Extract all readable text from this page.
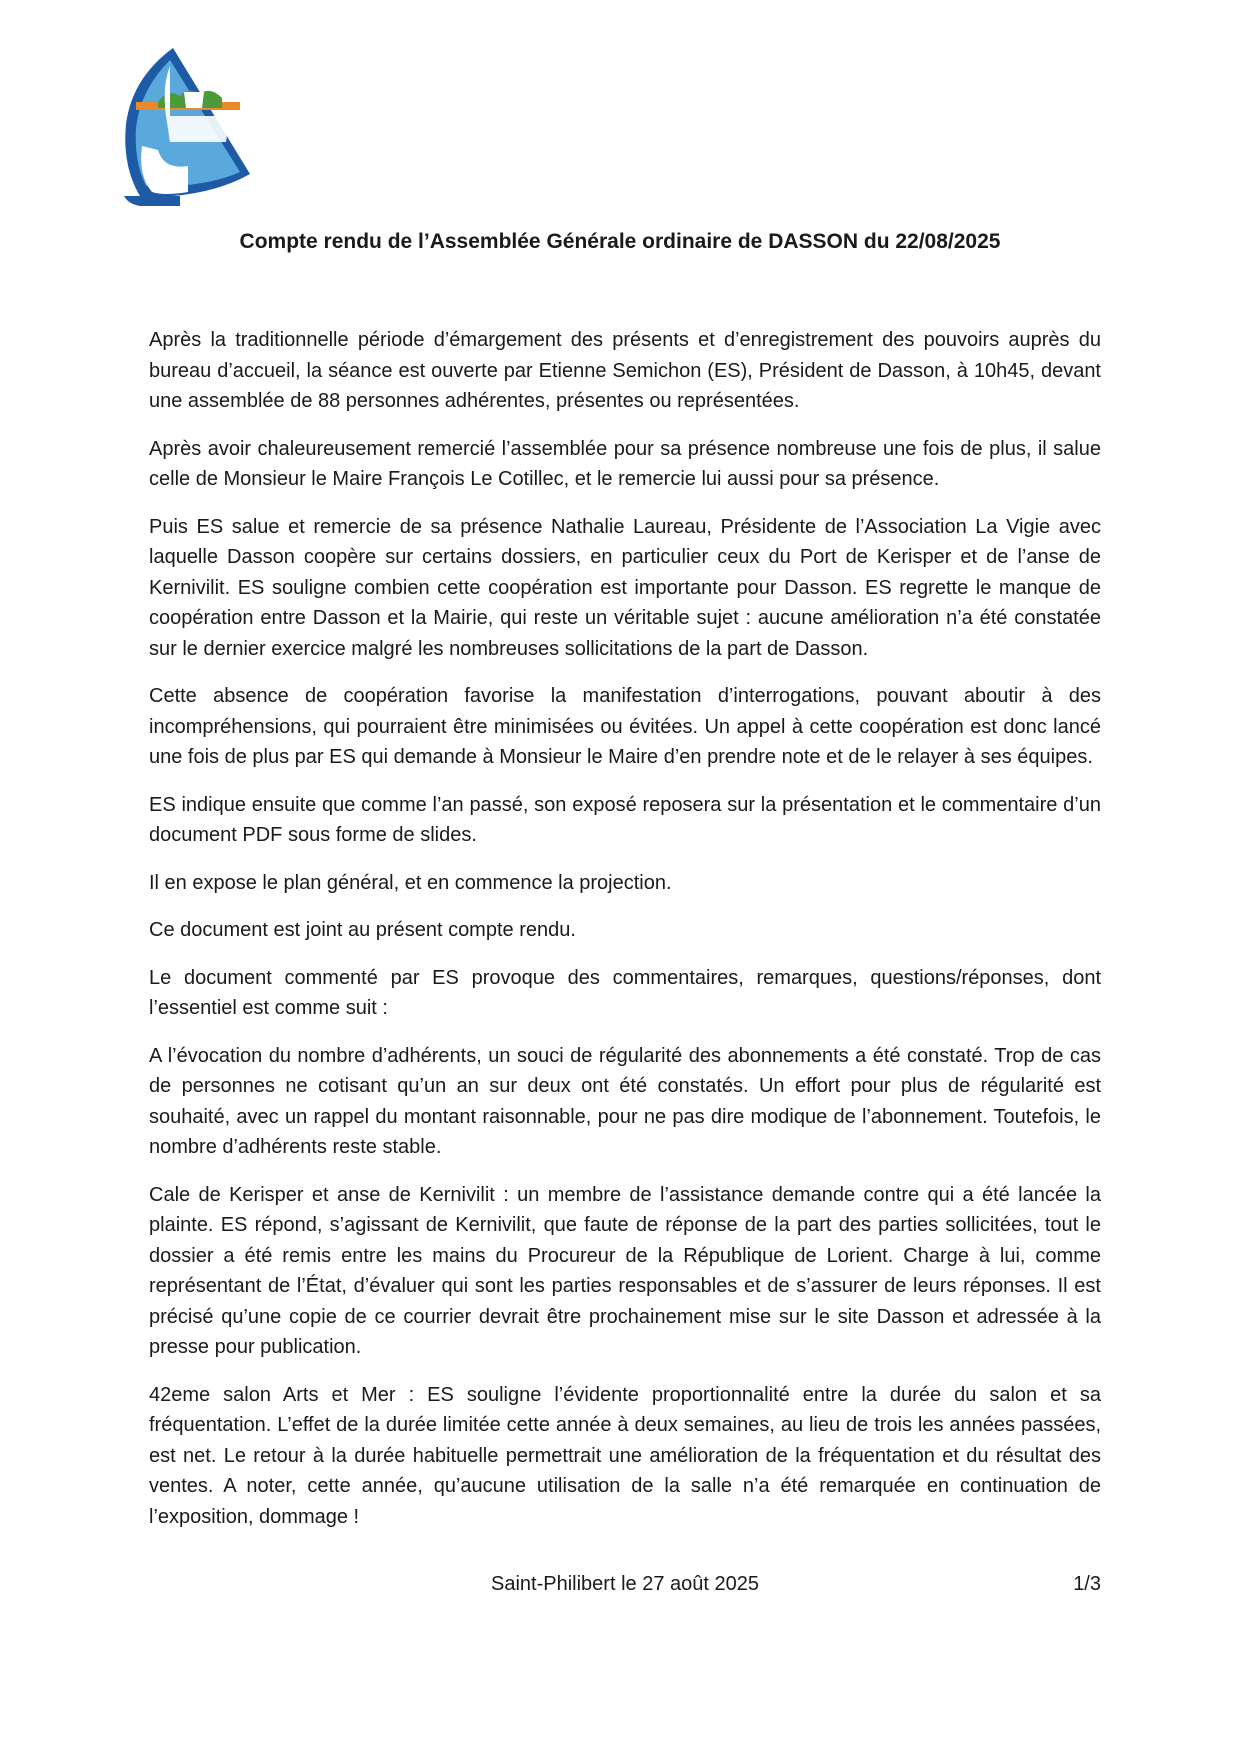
Compte rendu de l’Assemblée Générale ordinaire de DASSON du 22/08/2025

Après la traditionnelle période d’émargement des présents et d’enregistrement des pouvoirs auprès du bureau d’accueil, la séance est ouverte par Etienne Semichon (ES), Président de Dasson, à 10h45, devant une assemblée de 88 personnes adhérentes, présentes ou représentées.

Après avoir chaleureusement remercié l’assemblée pour sa présence nombreuse une fois de plus, il salue celle de Monsieur le Maire François Le Cotillec, et le remercie lui aussi pour sa présence.

Puis ES salue et remercie de sa présence Nathalie Laureau, Présidente de l’Association La Vigie avec laquelle Dasson coopère sur certains dossiers, en particulier ceux du Port de Kerisper et de l’anse de Kernivilit. ES souligne combien cette coopération est importante pour Dasson. ES regrette le manque de coopération entre Dasson et la Mairie, qui reste un véritable sujet : aucune amélioration n’a été constatée sur le dernier exercice malgré les nombreuses sollicitations de la part de Dasson.

Cette absence de coopération favorise la manifestation d’interrogations, pouvant aboutir à des incompréhensions, qui pourraient être minimisées ou évitées. Un appel à cette coopération est donc lancé une fois de plus par ES qui demande à Monsieur le Maire d’en prendre note et de le relayer à ses équipes.

ES indique ensuite que comme l’an passé, son exposé reposera sur la présentation et le commentaire d’un document PDF sous forme de slides.

Il en expose le plan général, et en commence la projection.

Ce document est joint au présent compte rendu.

Le document commenté par ES provoque des commentaires, remarques, questions/réponses, dont l’essentiel est comme suit :

A l’évocation du nombre d’adhérents, un souci de régularité des abonnements a été constaté. Trop de cas de personnes ne cotisant qu’un an sur deux ont été constatés. Un effort pour plus de régularité est souhaité, avec un rappel du montant raisonnable, pour ne pas dire modique de l’abonnement. Toutefois, le nombre d’adhérents reste stable.

Cale de Kerisper et anse de Kernivilit : un membre de l’assistance demande contre qui a été lancée la plainte. ES répond, s’agissant de Kernivilit, que faute de réponse de la part des parties sollicitées, tout le dossier a été remis entre les mains du Procureur de la République de Lorient. Charge à lui, comme représentant de l’État, d’évaluer qui sont les parties responsables et de s’assurer de leurs réponses. Il est précisé qu’une copie de ce courrier devrait être prochainement mise sur le site Dasson et adressée à la presse pour publication.

42eme salon Arts et Mer : ES souligne l’évidente proportionnalité entre la durée du salon et sa fréquentation. L’effet de la durée limitée cette année à deux semaines, au lieu de trois les années passées, est net. Le retour à la durée habituelle permettrait une amélioration de la fréquentation et du résultat des ventes. A noter, cette année, qu’aucune utilisation de la salle n’a été remarquée en continuation de l’exposition, dommage !

Saint-Philibert le 27 août 2025	1/3
